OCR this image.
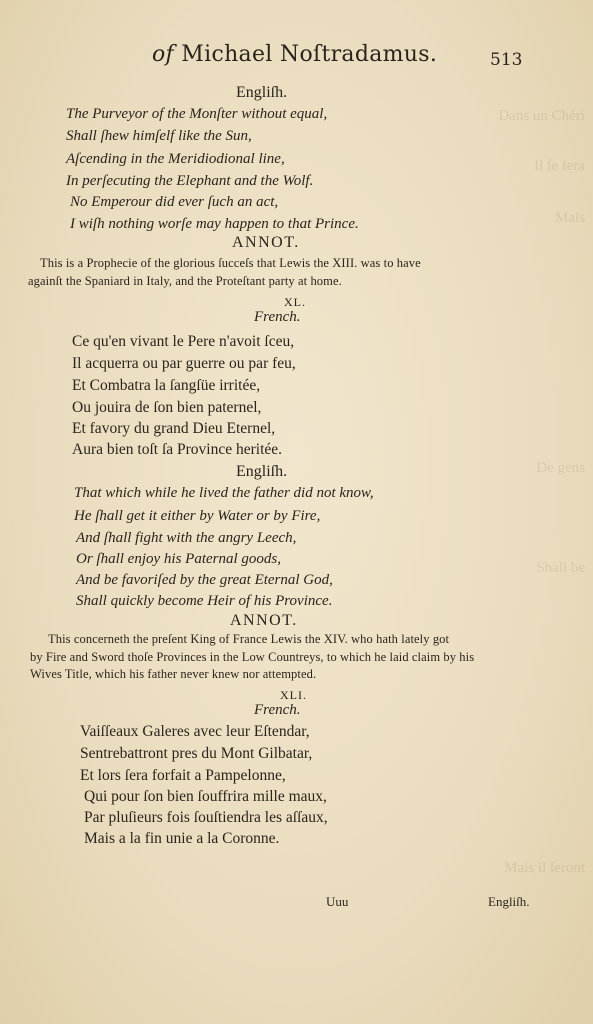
Dans un Chéri
Il ſe fera
Mais
De gens
Shall be
Mais il ſeront
of Michael Noſtradamus.	513
Engliſh.
The Purveyor of the Monſter without equal,
Shall ſhew himſelf like the Sun,
Aſcending in the Meridiodional line,
In perſecuting the Elephant and the Wolf.
No Emperour did ever ſuch an act,
I wiſh nothing worſe may happen to that Prince.
ANNOT.
This is a Prophecie of the glorious ſucceſs that Lewis the XIII. was to have
againſt the Spaniard in Italy, and the Proteſtant party at home.
XL.
French.
Ce qu'en vivant le Pere n'avoit ſceu,
Il acquerra ou par guerre ou par feu,
Et Combatra la ſangſüe irritée,
Ou jouira de ſon bien paternel,
Et favory du grand Dieu Eternel,
Aura bien toſt ſa Province heritée.
Engliſh.
That which while he lived the father did not know,
He ſhall get it either by Water or by Fire,
And ſhall fight with the angry Leech,
Or ſhall enjoy his Paternal goods,
And be favoriſed by the great Eternal God,
Shall quickly become Heir of his Province.
ANNOT.
This concerneth the preſent King of France Lewis the XIV. who hath lately got
by Fire and Sword thoſe Provinces in the Low Countreys, to which he laid claim by his
Wives Title, which his father never knew nor attempted.
XLI.
French.
Vaiſſeaux Galeres avec leur Eſtendar,
Sentrebattront pres du Mont Gilbatar,
Et lors ſera forfait a Pampelonne,
Qui pour ſon bien ſouffrira mille maux,
Par pluſieurs fois ſouſtiendra les aſſaux,
Mais a la fin unie a la Coronne.
Uuu	Engliſh.
